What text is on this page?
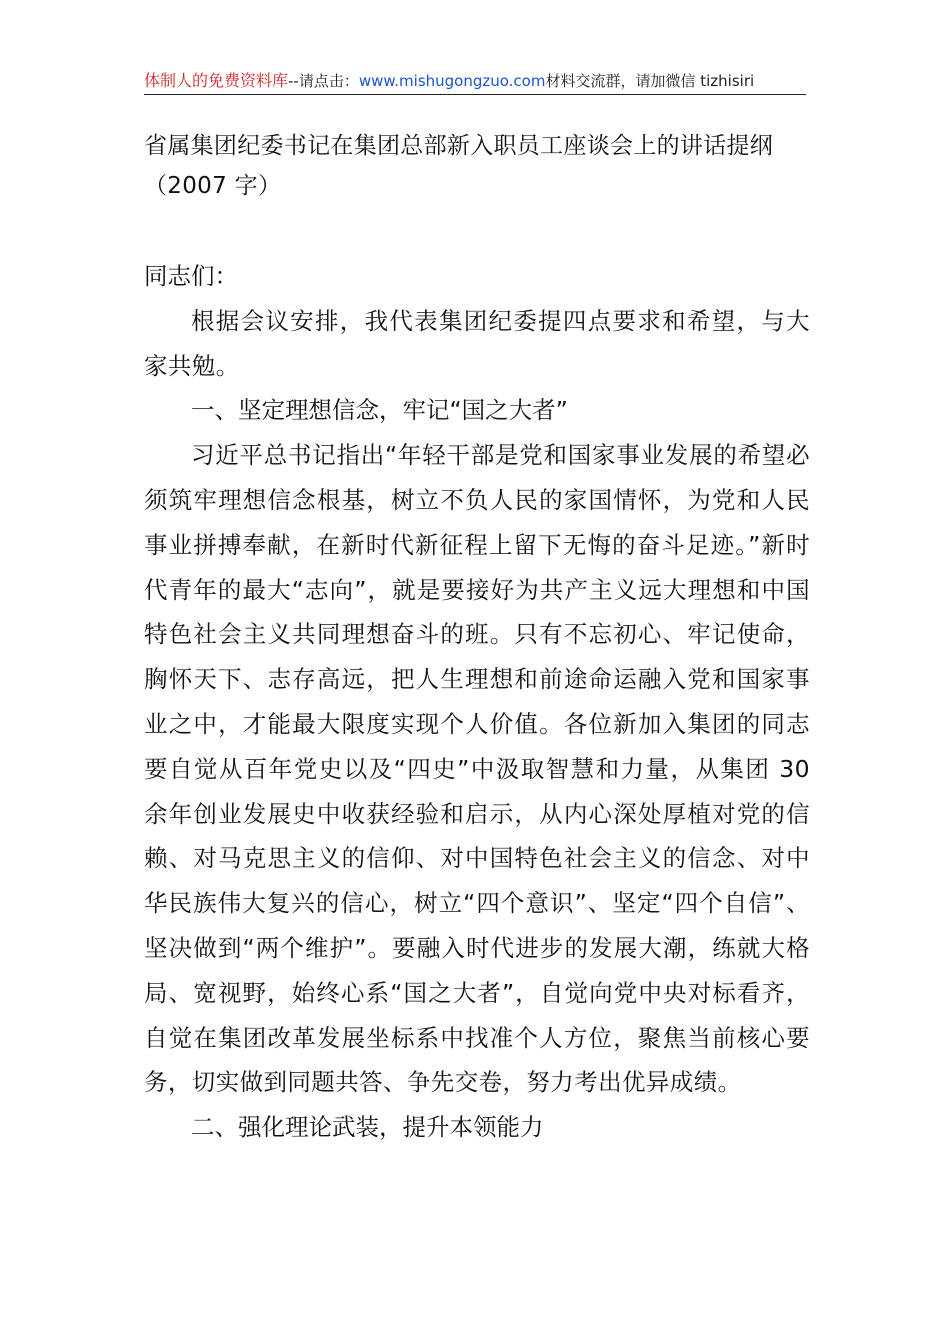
体制人的免费资料库--请点击：www.mishugongzuo.com材料交流群，请加微信 tizhisiri
省属集团纪委书记在集团总部新入职员工座谈会上的讲话提纲
（2007 字）

同志们：

根据会议安排，我代表集团纪委提四点要求和希望，与大家共勉。

一、坚定理想信念，牢记“国之大者”

习近平总书记指出“年轻干部是党和国家事业发展的希望必须筑牢理想信念根基，树立不负人民的家国情怀，为党和人民事业拼搏奉献，在新时代新征程上留下无悔的奋斗足迹。”新时代青年的最大“志向”，就是要接好为共产主义远大理想和中国特色社会主义共同理想奋斗的班。只有不忘初心、牢记使命，胸怀天下、志存高远，把人生理想和前途命运融入党和国家事业之中，才能最大限度实现个人价值。各位新加入集团的同志要自觉从百年党史以及“四史”中汲取智慧和力量，从集团 30 余年创业发展史中收获经验和启示，从内心深处厚植对党的信赖、对马克思主义的信仰、对中国特色社会主义的信念、对中华民族伟大复兴的信心，树立“四个意识”、坚定“四个自信”、坚决做到“两个维护”。要融入时代进步的发展大潮，练就大格局、宽视野，始终心系“国之大者”，自觉向党中央对标看齐，自觉在集团改革发展坐标系中找准个人方位，聚焦当前核心要务，切实做到同题共答、争先交卷，努力考出优异成绩。

二、强化理论武装，提升本领能力
